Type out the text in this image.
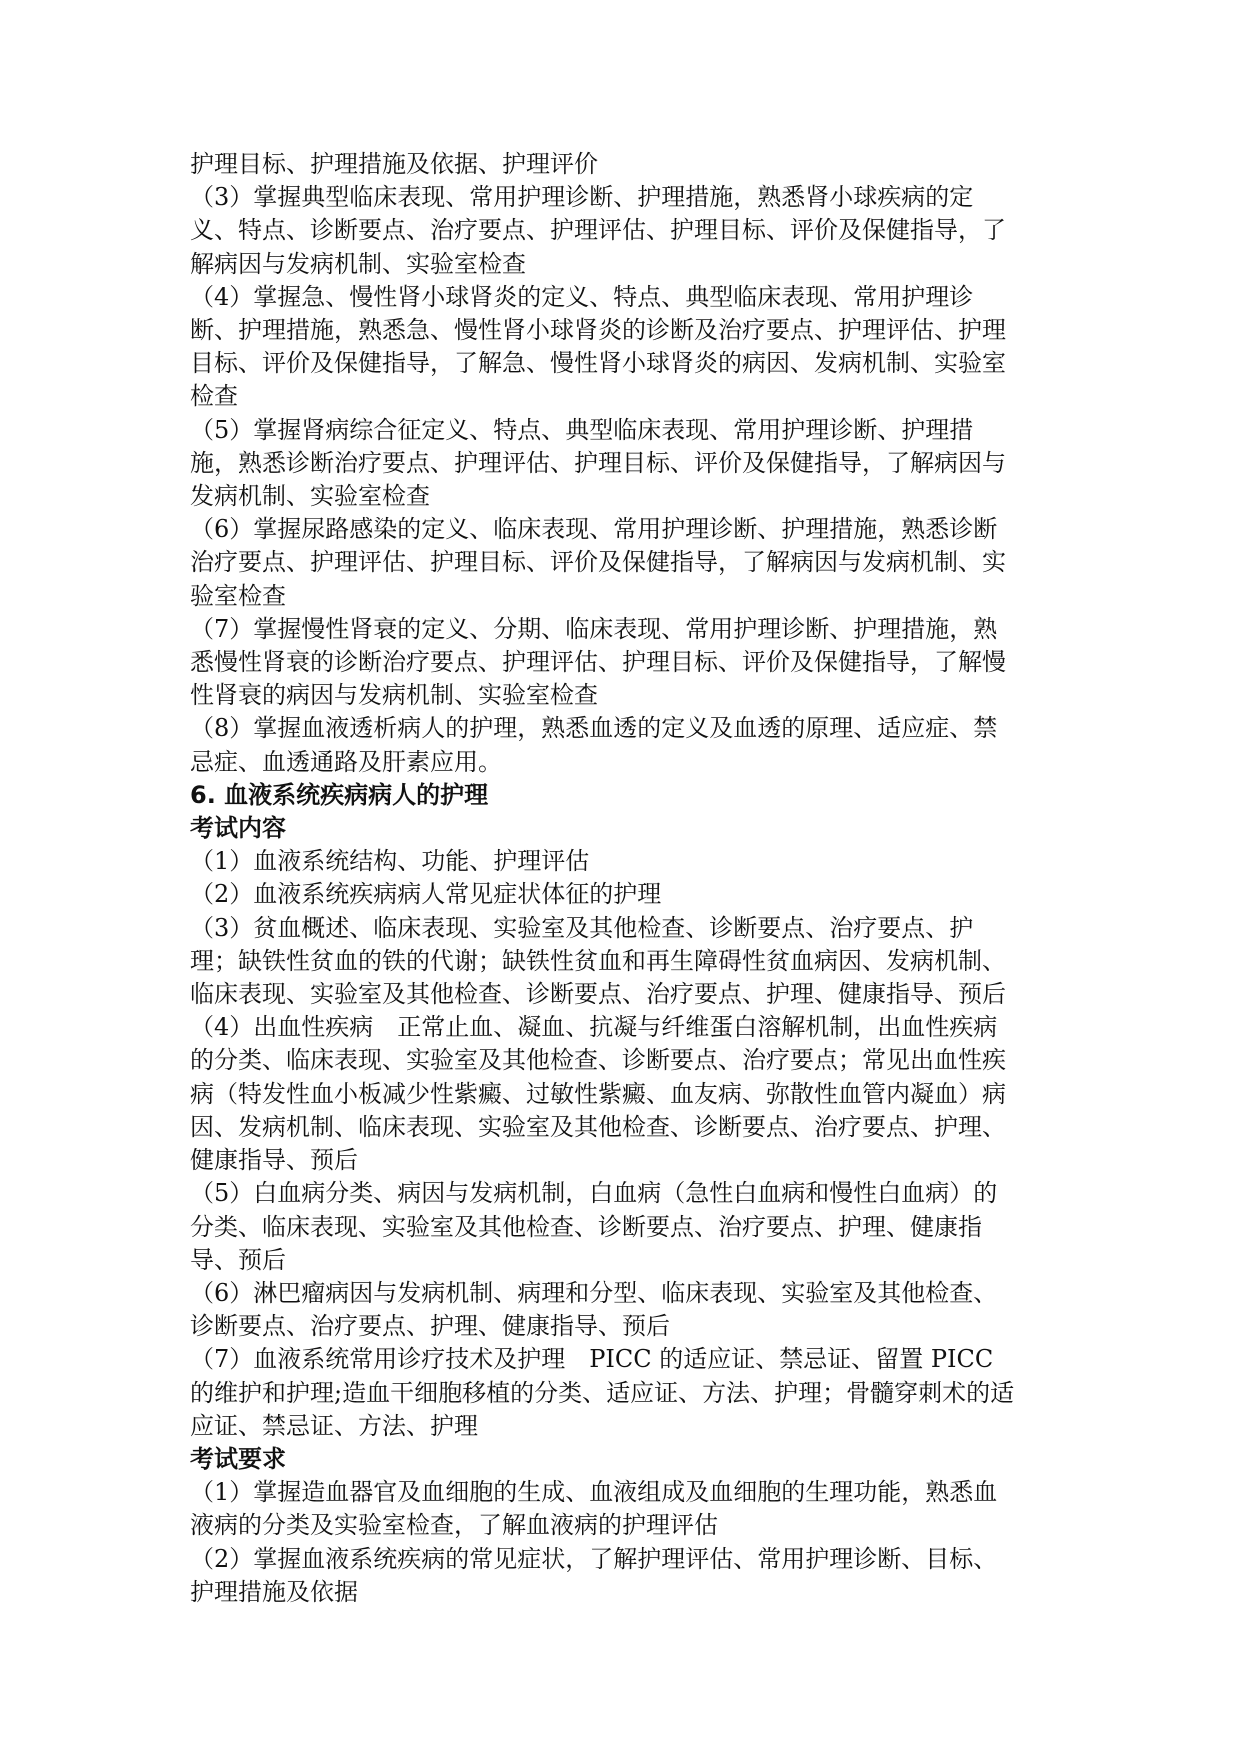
护理目标、护理措施及依据、护理评价

（3）掌握典型临床表现、常用护理诊断、护理措施，熟悉肾小球疾病的定义、特点、诊断要点、治疗要点、护理评估、护理目标、评价及保健指导，了解病因与发病机制、实验室检查

（4）掌握急、慢性肾小球肾炎的定义、特点、典型临床表现、常用护理诊断、护理措施，熟悉急、慢性肾小球肾炎的诊断及治疗要点、护理评估、护理目标、评价及保健指导，了解急、慢性肾小球肾炎的病因、发病机制、实验室检查

（5）掌握肾病综合征定义、特点、典型临床表现、常用护理诊断、护理措施，熟悉诊断治疗要点、护理评估、护理目标、评价及保健指导，了解病因与发病机制、实验室检查

（6）掌握尿路感染的定义、临床表现、常用护理诊断、护理措施，熟悉诊断治疗要点、护理评估、护理目标、评价及保健指导，了解病因与发病机制、实验室检查

（7）掌握慢性肾衰的定义、分期、临床表现、常用护理诊断、护理措施，熟悉慢性肾衰的诊断治疗要点、护理评估、护理目标、评价及保健指导，了解慢性肾衰的病因与发病机制、实验室检查

（8）掌握血液透析病人的护理，熟悉血透的定义及血透的原理、适应症、禁忌症、血透通路及肝素应用。

6. 血液系统疾病病人的护理
考试内容

（1）血液系统结构、功能、护理评估

（2）血液系统疾病病人常见症状体征的护理

（3）贫血概述、临床表现、实验室及其他检查、诊断要点、治疗要点、护理；缺铁性贫血的铁的代谢；缺铁性贫血和再生障碍性贫血病因、发病机制、临床表现、实验室及其他检查、诊断要点、治疗要点、护理、健康指导、预后

（4）出血性疾病　正常止血、凝血、抗凝与纤维蛋白溶解机制，出血性疾病的分类、临床表现、实验室及其他检查、诊断要点、治疗要点；常见出血性疾病（特发性血小板减少性紫癜、过敏性紫癜、血友病、弥散性血管内凝血）病因、发病机制、临床表现、实验室及其他检查、诊断要点、治疗要点、护理、健康指导、预后

（5）白血病分类、病因与发病机制，白血病（急性白血病和慢性白血病）的分类、临床表现、实验室及其他检查、诊断要点、治疗要点、护理、健康指导、预后

（6）淋巴瘤病因与发病机制、病理和分型、临床表现、实验室及其他检查、诊断要点、治疗要点、护理、健康指导、预后

（7）血液系统常用诊疗技术及护理　PICC 的适应证、禁忌证、留置 PICC 的维护和护理;造血干细胞移植的分类、适应证、方法、护理；骨髓穿刺术的适应证、禁忌证、方法、护理

考试要求

（1）掌握造血器官及血细胞的生成、血液组成及血细胞的生理功能，熟悉血液病的分类及实验室检查，了解血液病的护理评估

（2）掌握血液系统疾病的常见症状，了解护理评估、常用护理诊断、目标、护理措施及依据
